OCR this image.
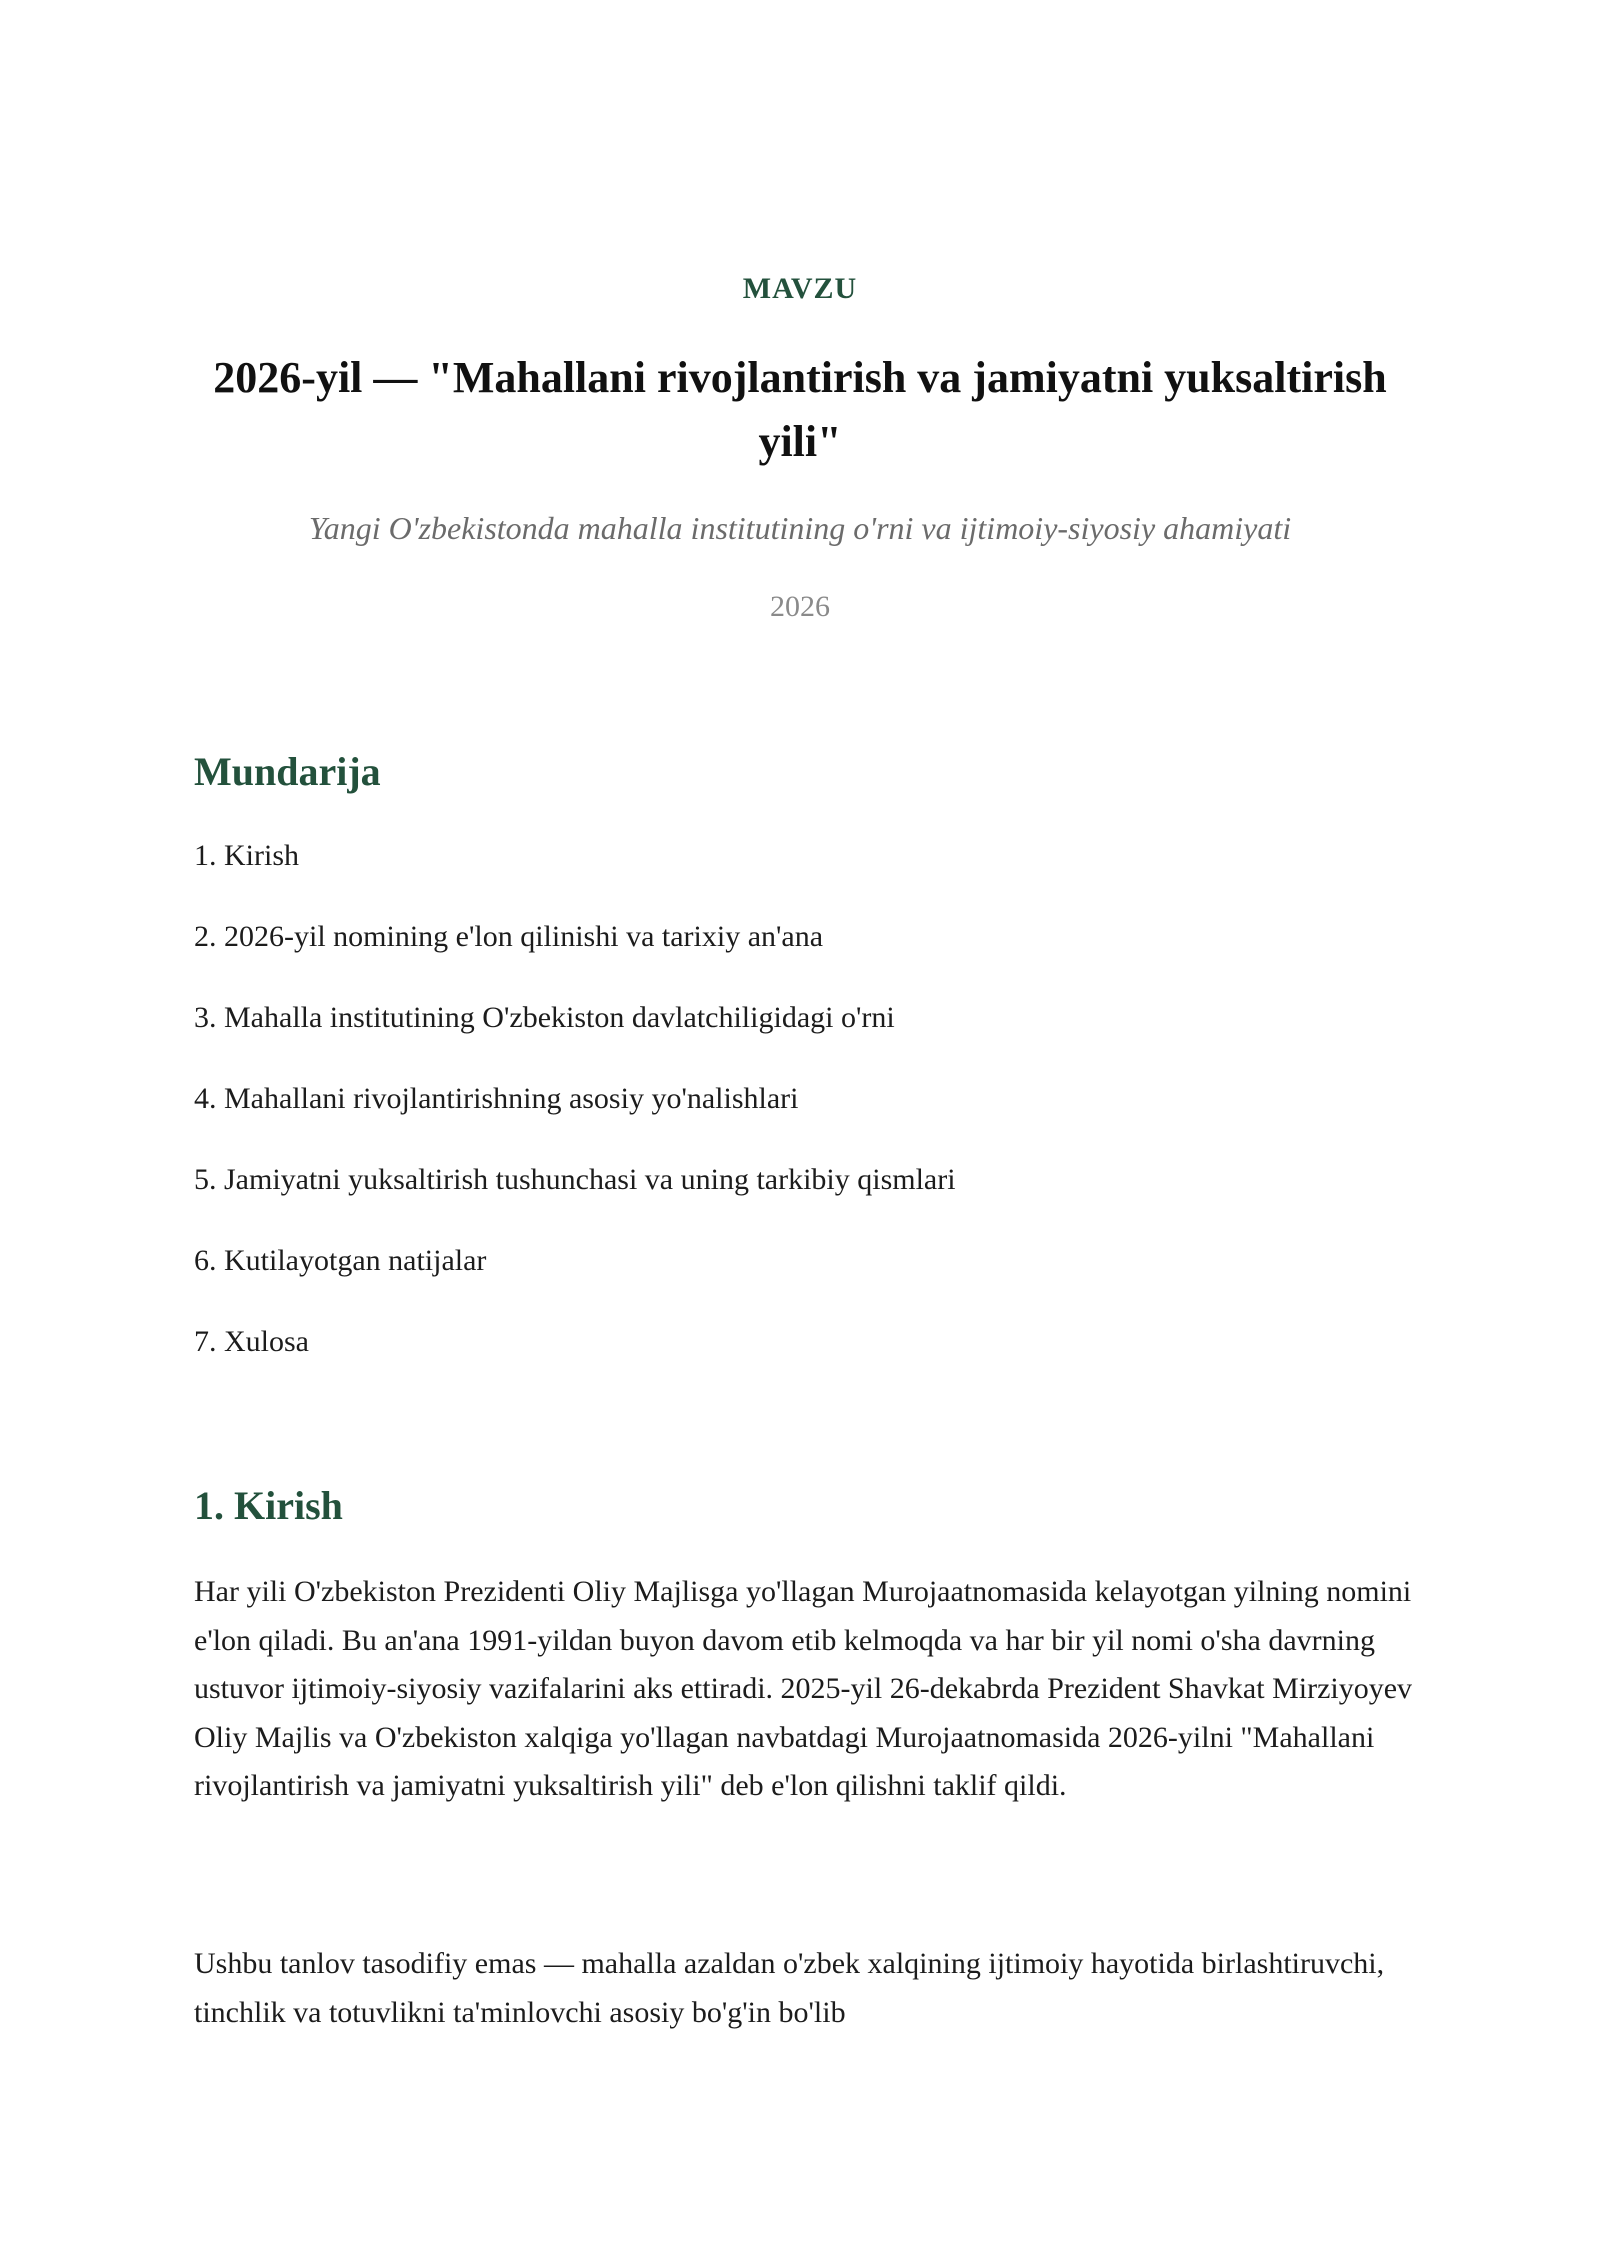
MAVZU
2026-yil — "Mahallani rivojlantirish va jamiyatni yuksaltirish yili"
Yangi O'zbekistonda mahalla institutining o'rni va ijtimoiy-siyosiy ahamiyati
2026
Mundarija
1. Kirish
2. 2026-yil nomining e'lon qilinishi va tarixiy an'ana
3. Mahalla institutining O'zbekiston davlatchiligidagi o'rni
4. Mahallani rivojlantirishning asosiy yo'nalishlari
5. Jamiyatni yuksaltirish tushunchasi va uning tarkibiy qismlari
6. Kutilayotgan natijalar
7. Xulosa
1. Kirish

Har yili O'zbekiston Prezidenti Oliy Majlisga yo'llagan Murojaatnomasida kelayotgan yilning nomini e'lon qiladi. Bu an'ana 1991-yildan buyon davom etib kelmoqda va har bir yil nomi o'sha davrning ustuvor ijtimoiy-siyosiy vazifalarini aks ettiradi. 2025-yil 26-dekabrda Prezident Shavkat Mirziyoyev Oliy Majlis va O'zbekiston xalqiga yo'llagan navbatdagi Murojaatnomasida 2026-yilni "Mahallani rivojlantirish va jamiyatni yuksaltirish yili" deb e'lon qilishni taklif qildi.

Ushbu tanlov tasodifiy emas — mahalla azaldan o'zbek xalqining ijtimoiy hayotida birlashtiruvchi, tinchlik va totuvlikni ta'minlovchi asosiy bo'g'in bo'lib
